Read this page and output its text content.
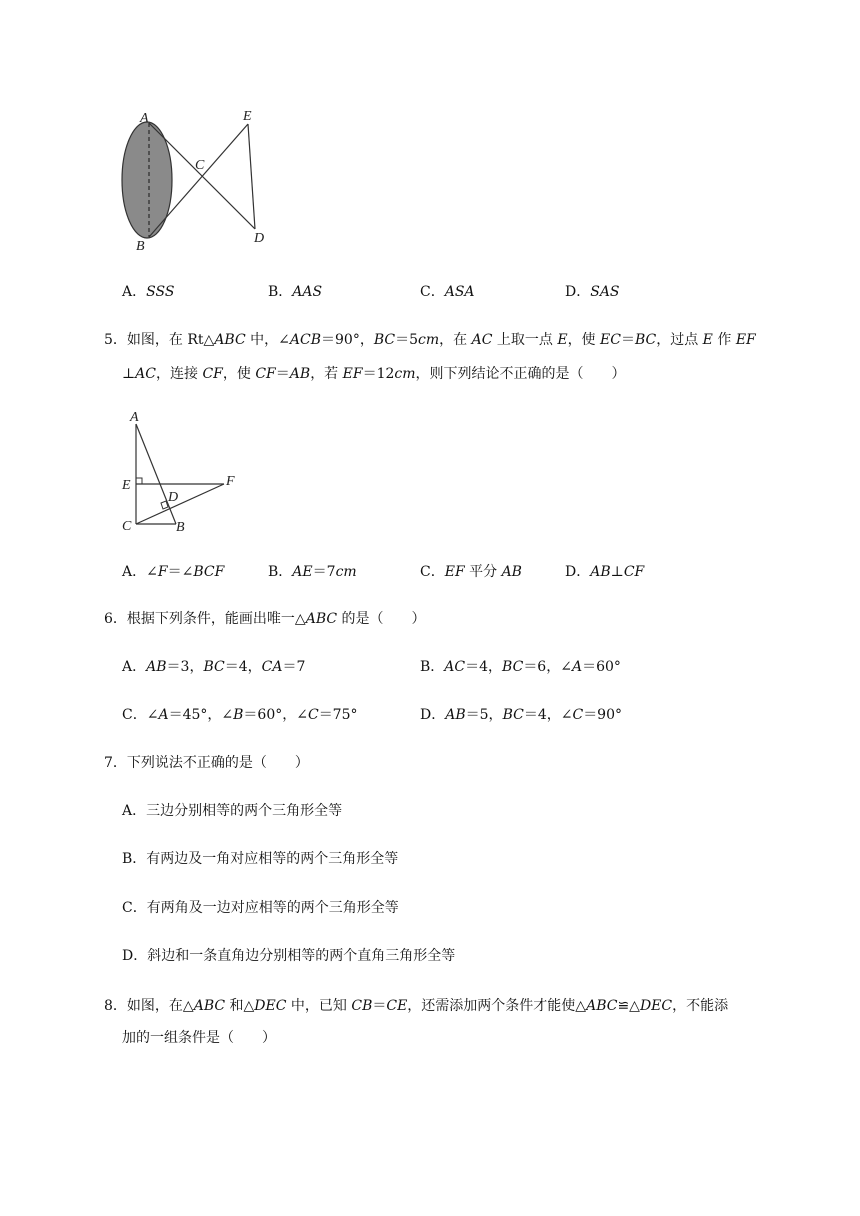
A
B
C
D
E
A．SSS	B．AAS	C．ASA	D．SAS
5．如图，在 Rt△ABC 中，∠ACB＝90°，BC＝5cm，在 AC 上取一点 E，使 EC＝BC，过点 E 作 EF
⊥AC，连接 CF，使 CF＝AB，若 EF＝12cm，则下列结论不正确的是（　　）
A
E
C
D
B
F
A．∠F＝∠BCF	B．AE＝7cm	C．EF 平分 AB	D．AB⊥CF
6．根据下列条件，能画出唯一△ABC 的是（　　）
A．AB＝3，BC＝4，CA＝7	B．AC＝4，BC＝6，∠A＝60°
C．∠A＝45°，∠B＝60°，∠C＝75°	D．AB＝5，BC＝4，∠C＝90°
7．下列说法不正确的是（　　）
A．三边分别相等的两个三角形全等
B．有两边及一角对应相等的两个三角形全等
C．有两角及一边对应相等的两个三角形全等
D．斜边和一条直角边分别相等的两个直角三角形全等
8．如图，在△ABC 和△DEC 中，已知 CB＝CE，还需添加两个条件才能使△ABC≌△DEC，不能添
加的一组条件是（　　）
